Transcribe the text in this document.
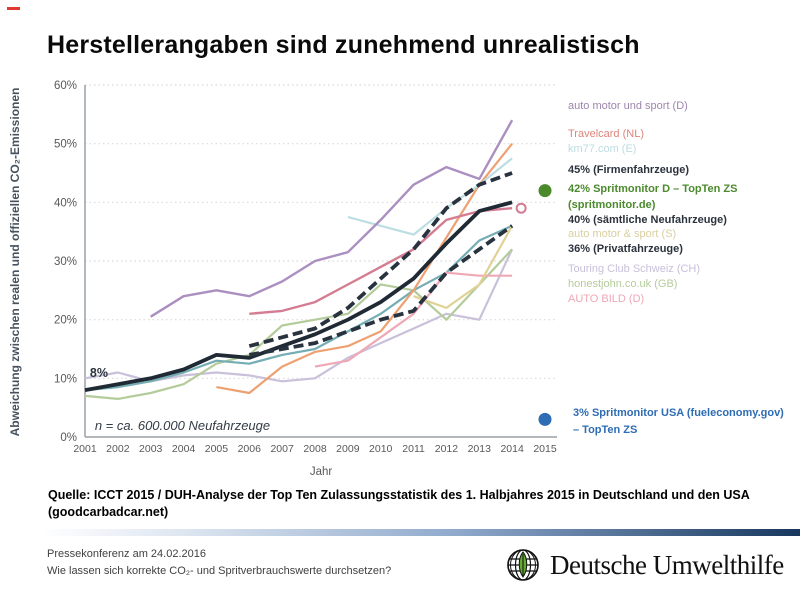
Herstellerangaben sind zunehmend unrealistisch
Abweichung zwischen realen und offiziellen CO₂-Emissionen
0%
10%
20%
30%
40%
50%
60%
2001 2002 2003 2004 2005 2006 2007 2008 2009 2010 2011 2012 2013 2014 2015
Jahr
8%
n = ca. 600.000 Neufahrzeuge
auto motor und sport (D)
Travelcard (NL)
km77.com (E)
45% (Firmenfahrzeuge)
42% Spritmonitor D – TopTen ZS
(spritmonitor.de)
40% (sämtliche Neufahrzeuge)
auto motor & sport (S)
36% (Privatfahrzeuge)
Touring Club Schweiz (CH)
honestjohn.co.uk (GB)
AUTO BILD (D)
3% Spritmonitor USA (fueleconomy.gov)
– TopTen ZS
Quelle: ICCT 2015 / DUH-Analyse der Top Ten Zulassungsstatistik des 1. Halbjahres 2015 in Deutschland und den USA
(goodcarbadcar.net)
Pressekonferenz am 24.02.2016
Wie lassen sich korrekte CO₂- und Spritverbrauchswerte durchsetzen?	Deutsche Umwelthilfe
